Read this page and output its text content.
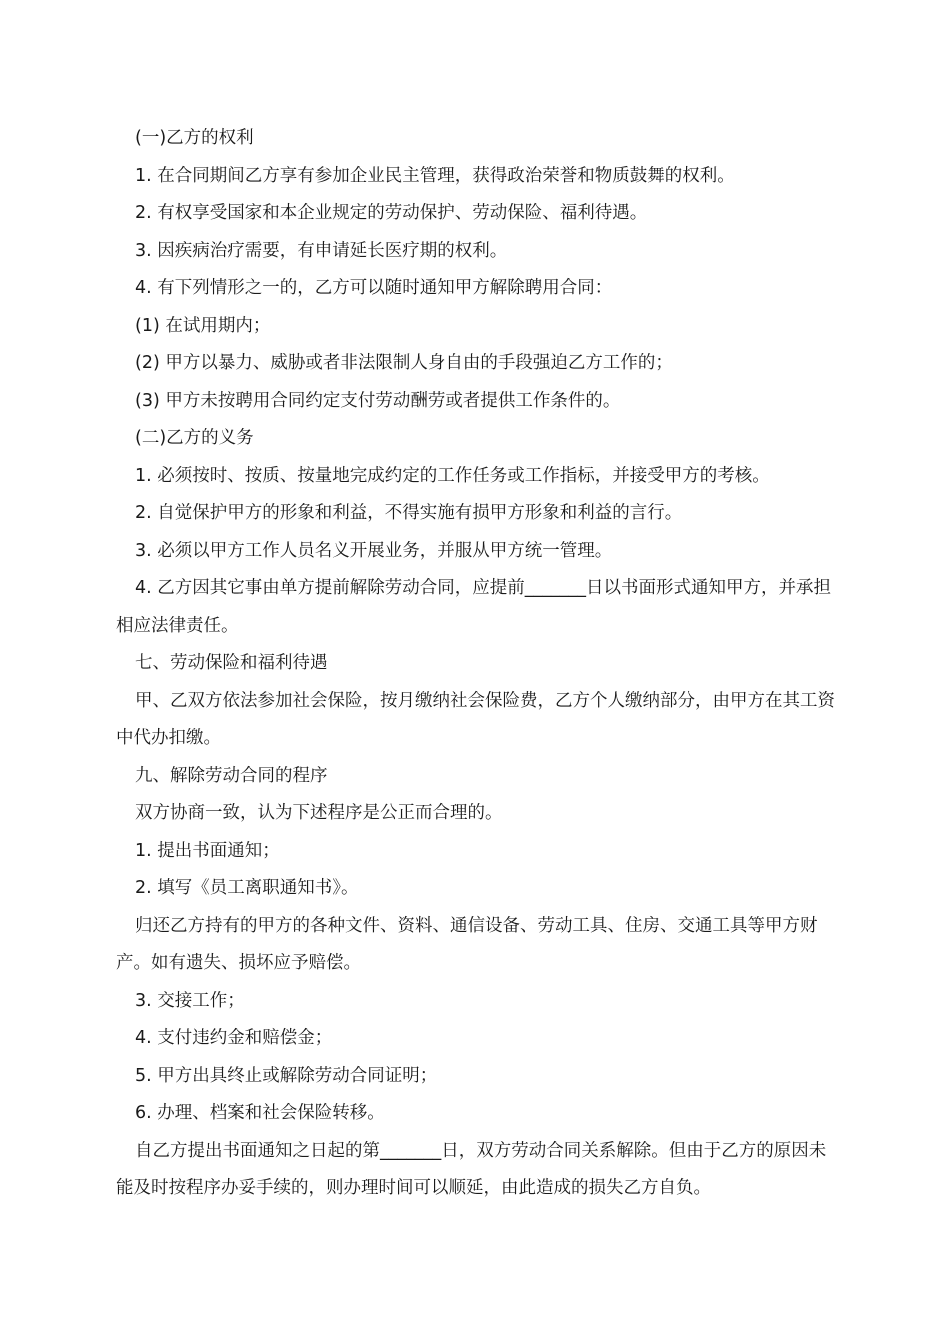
(一)乙方的权利

1. 在合同期间乙方享有参加企业民主管理，获得政治荣誉和物质鼓舞的权利。

2. 有权享受国家和本企业规定的劳动保护、劳动保险、福利待遇。

3. 因疾病治疗需要，有申请延长医疗期的权利。

4. 有下列情形之一的，乙方可以随时通知甲方解除聘用合同：

(1) 在试用期内；

(2) 甲方以暴力、威胁或者非法限制人身自由的手段强迫乙方工作的；

(3) 甲方未按聘用合同约定支付劳动酬劳或者提供工作条件的。

(二)乙方的义务

1. 必须按时、按质、按量地完成约定的工作任务或工作指标，并接受甲方的考核。

2. 自觉保护甲方的形象和利益，不得实施有损甲方形象和利益的言行。

3. 必须以甲方工作人员名义开展业务，并服从甲方统一管理。

4. 乙方因其它事由单方提前解除劳动合同，应提前_______日以书面形式通知甲方，并承担相应法律责任。

七、劳动保险和福利待遇

甲、乙双方依法参加社会保险，按月缴纳社会保险费，乙方个人缴纳部分，由甲方在其工资中代办扣缴。

九、解除劳动合同的程序

双方协商一致，认为下述程序是公正而合理的。

1. 提出书面通知；

2. 填写《员工离职通知书》。

归还乙方持有的甲方的各种文件、资料、通信设备、劳动工具、住房、交通工具等甲方财产。如有遗失、损坏应予赔偿。

3. 交接工作；

4. 支付违约金和赔偿金；

5. 甲方出具终止或解除劳动合同证明；

6. 办理、档案和社会保险转移。

自乙方提出书面通知之日起的第_______日，双方劳动合同关系解除。但由于乙方的原因未能及时按程序办妥手续的，则办理时间可以顺延，由此造成的损失乙方自负。
